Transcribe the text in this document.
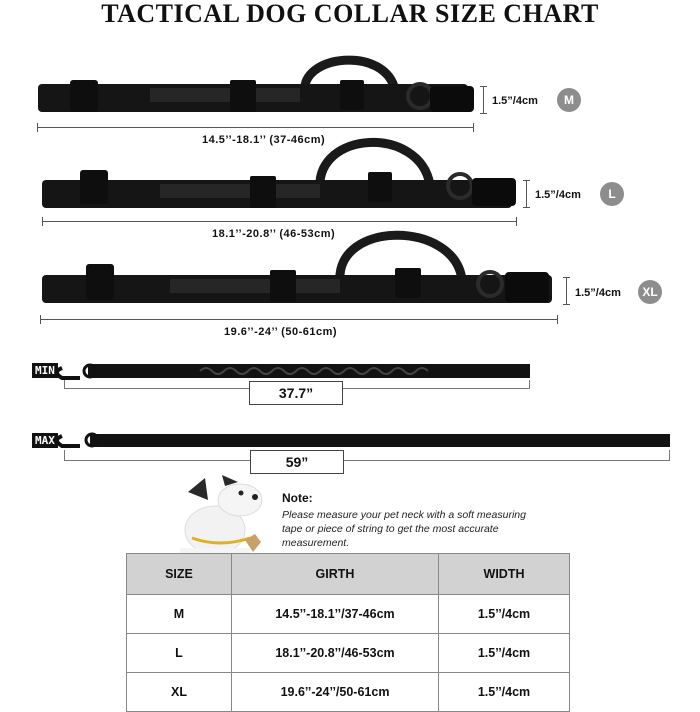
TACTICAL DOG COLLAR SIZE CHART
14.5’’-18.1’’ (37-46cm)
1.5”/4cm	M
18.1’’-20.8’’ (46-53cm)
1.5”/4cm	L
19.6’’-24’’ (50-61cm)
1.5”/4cm	XL
MIN
37.7”
MAX
59”
Note:
Please measure your pet neck with a soft measuring tape or piece of string to get the most accurate measurement.
SIZE	GIRTH	WIDTH
M	14.5’’-18.1’’/37-46cm	1.5’’/4cm
L	18.1’’-20.8’’/46-53cm	1.5’’/4cm
XL	19.6’’-24’’/50-61cm	1.5’’/4cm
